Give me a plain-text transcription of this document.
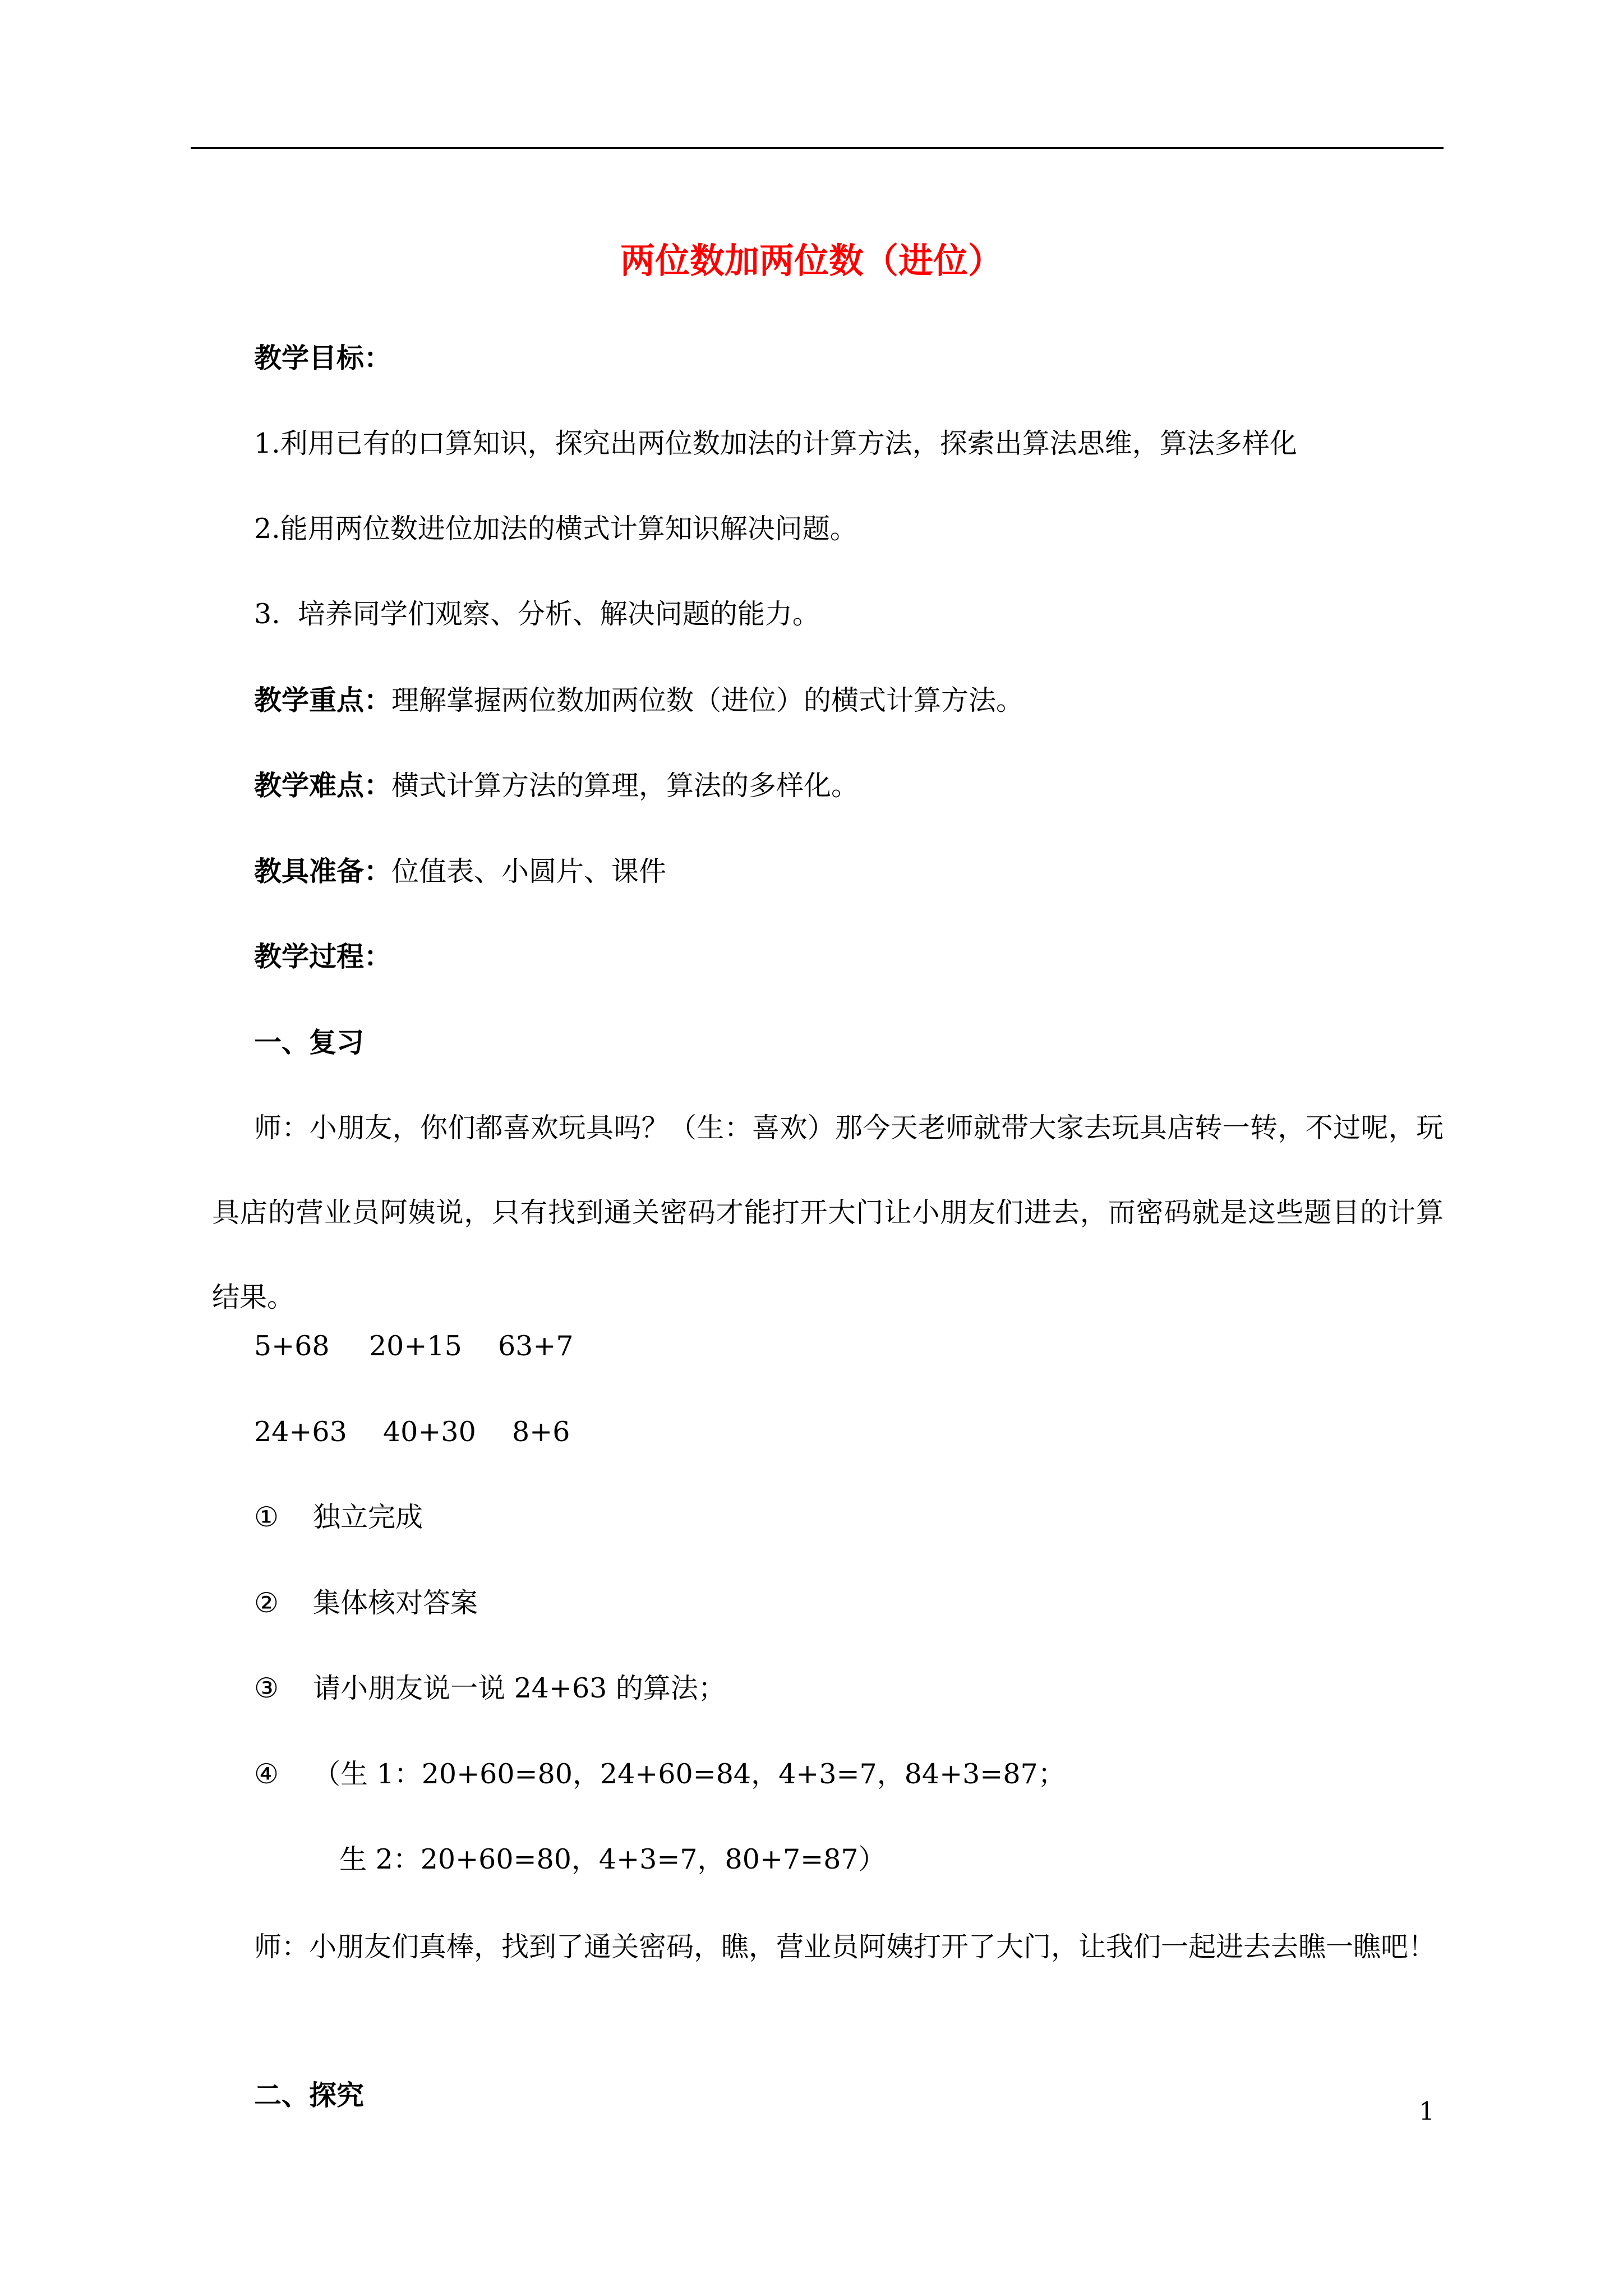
两位数加两位数（进位）
教学目标：
1.利用已有的口算知识，探究出两位数加法的计算方法，探索出算法思维，算法多样化
2.能用两位数进位加法的横式计算知识解决问题。
3.  培养同学们观察、分析、解决问题的能力。
教学重点：理解掌握两位数加两位数（进位）的横式计算方法。
教学难点：横式计算方法的算理，算法的多样化。
教具准备：位值表、小圆片、课件
教学过程：
一、复习
师：小朋友，你们都喜欢玩具吗？（生：喜欢）那今天老师就带大家去玩具店转一转，不过呢，玩具店的营业员阿姨说，只有找到通关密码才能打开大门让小朋友们进去，而密码就是这些题目的计算结果。
5+68 20+15 63+7
24+63 40+30 8+6
① 独立完成
② 集体核对答案
③ 请小朋友说一说 24+63 的算法；
④ （生 1：20+60=80，24+60=84，4+3=7，84+3=87；
生 2：20+60=80，4+3=7，80+7=87）
师：小朋友们真棒，找到了通关密码，瞧，营业员阿姨打开了大门，让我们一起进去去瞧一瞧吧！
二、探究
1
